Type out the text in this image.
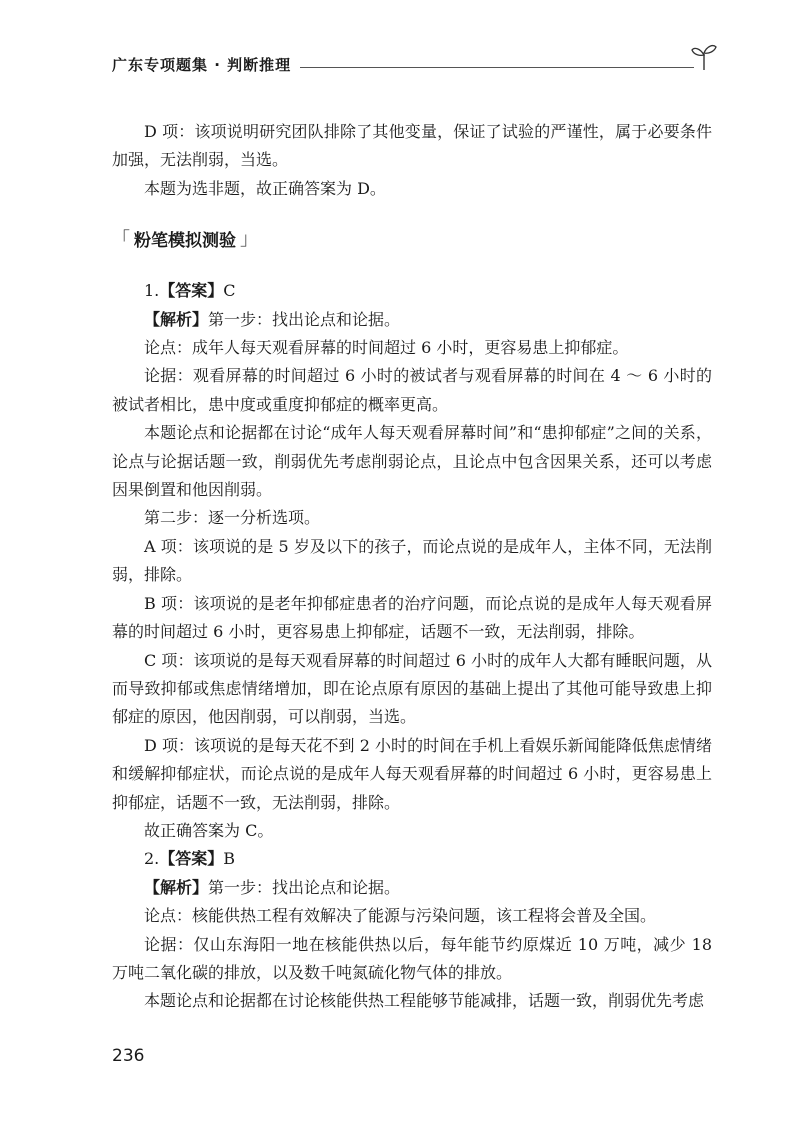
广东专项题集 · 判断推理

D 项：该项说明研究团队排除了其他变量，保证了试验的严谨性，属于必要条件加强，无法削弱，当选。

本题为选非题，故正确答案为 D。

「 粉笔模拟测验 」

1.【答案】C

【解析】第一步：找出论点和论据。

论点：成年人每天观看屏幕的时间超过 6 小时，更容易患上抑郁症。

论据：观看屏幕的时间超过 6 小时的被试者与观看屏幕的时间在 4 ～ 6 小时的被试者相比，患中度或重度抑郁症的概率更高。

本题论点和论据都在讨论“成年人每天观看屏幕时间”和“患抑郁症”之间的关系，论点与论据话题一致，削弱优先考虑削弱论点，且论点中包含因果关系，还可以考虑因果倒置和他因削弱。

第二步：逐一分析选项。

A 项：该项说的是 5 岁及以下的孩子，而论点说的是成年人，主体不同，无法削弱，排除。

B 项：该项说的是老年抑郁症患者的治疗问题，而论点说的是成年人每天观看屏幕的时间超过 6 小时，更容易患上抑郁症，话题不一致，无法削弱，排除。

C 项：该项说的是每天观看屏幕的时间超过 6 小时的成年人大都有睡眠问题，从而导致抑郁或焦虑情绪增加，即在论点原有原因的基础上提出了其他可能导致患上抑郁症的原因，他因削弱，可以削弱，当选。

D 项：该项说的是每天花不到 2 小时的时间在手机上看娱乐新闻能降低焦虑情绪和缓解抑郁症状，而论点说的是成年人每天观看屏幕的时间超过 6 小时，更容易患上抑郁症，话题不一致，无法削弱，排除。

故正确答案为 C。

2.【答案】B

【解析】第一步：找出论点和论据。

论点：核能供热工程有效解决了能源与污染问题，该工程将会普及全国。

论据：仅山东海阳一地在核能供热以后，每年能节约原煤近 10 万吨，减少 18 万吨二氧化碳的排放，以及数千吨氮硫化物气体的排放。

本题论点和论据都在讨论核能供热工程能够节能减排，话题一致，削弱优先考虑

236
